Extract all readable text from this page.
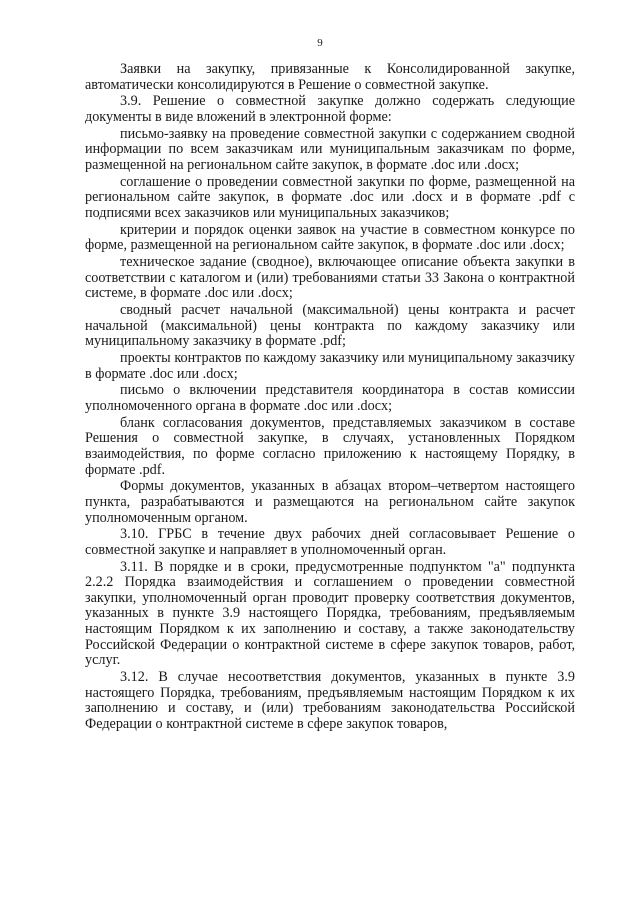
9

Заявки на закупку, привязанные к Консолидированной закупке, автоматически консолидируются в Решение о совместной закупке.

3.9. Решение о совместной закупке должно содержать следующие документы в виде вложений в электронной форме:

письмо-заявку на проведение совместной закупки с содержанием сводной информации по всем заказчикам или муниципальным заказчикам по форме, размещенной на региональном сайте закупок, в формате .doc или .docx;

соглашение о проведении совместной закупки по форме, размещенной на региональном сайте закупок, в формате .doc или .docx и в формате .pdf с подписями всех заказчиков или муниципальных заказчиков;

критерии и порядок оценки заявок на участие в совместном конкурсе по форме, размещенной на региональном сайте закупок, в формате .doc или .docx;

техническое задание (сводное), включающее описание объекта закупки в соответствии с каталогом и (или) требованиями статьи 33 Закона о контрактной системе, в формате .doc или .docx;

сводный расчет начальной (максимальной) цены контракта и расчет начальной (максимальной) цены контракта по каждому заказчику или муниципальному заказчику в формате .pdf;

проекты контрактов по каждому заказчику или муниципальному заказчику в формате .doc или .docx;

письмо о включении представителя координатора в состав комиссии уполномоченного органа в формате .doc или .docx;

бланк согласования документов, представляемых заказчиком в составе Решения о совместной закупке, в случаях, установленных Порядком взаимодействия, по форме согласно приложению к настоящему Порядку, в формате .pdf.

Формы документов, указанных в абзацах втором–четвертом настоящего пункта, разрабатываются и размещаются на региональном сайте закупок уполномоченным органом.

3.10. ГРБС в течение двух рабочих дней согласовывает Решение о совместной закупке и направляет в уполномоченный орган.

3.11. В порядке и в сроки, предусмотренные подпунктом "а" подпункта 2.2.2 Порядка взаимодействия и соглашением о проведении совместной закупки, уполномоченный орган проводит проверку соответствия документов, указанных в пункте 3.9 настоящего Порядка, требованиям, предъявляемым настоящим Порядком к их заполнению и составу, а также законодательству Российской Федерации о контрактной системе в сфере закупок товаров, работ, услуг.

3.12. В случае несоответствия документов, указанных в пункте 3.9 настоящего Порядка, требованиям, предъявляемым настоящим Порядком к их заполнению и составу, и (или) требованиям законодательства Российской Федерации о контрактной системе в сфере закупок товаров,
